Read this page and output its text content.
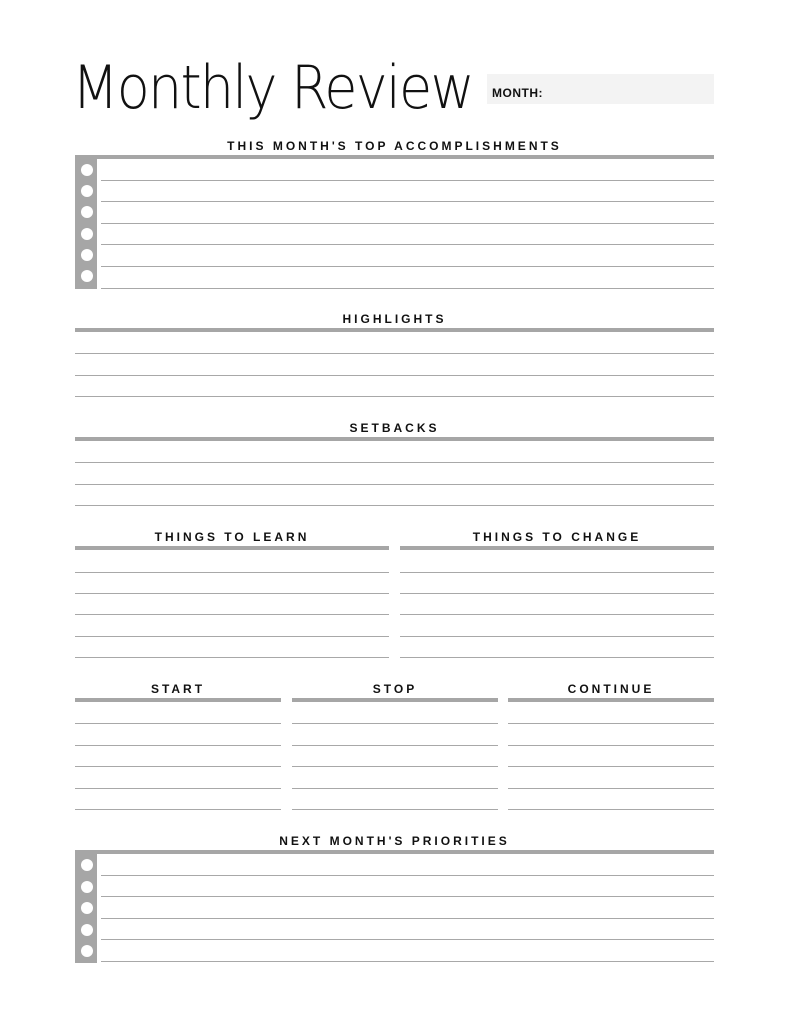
Monthly Review MONTH:
THIS MONTH'S TOP ACCOMPLISHMENTS
HIGHLIGHTS
SETBACKS
THINGS TO LEARN	THINGS TO CHANGE
START	STOP	CONTINUE
NEXT MONTH'S PRIORITIES
